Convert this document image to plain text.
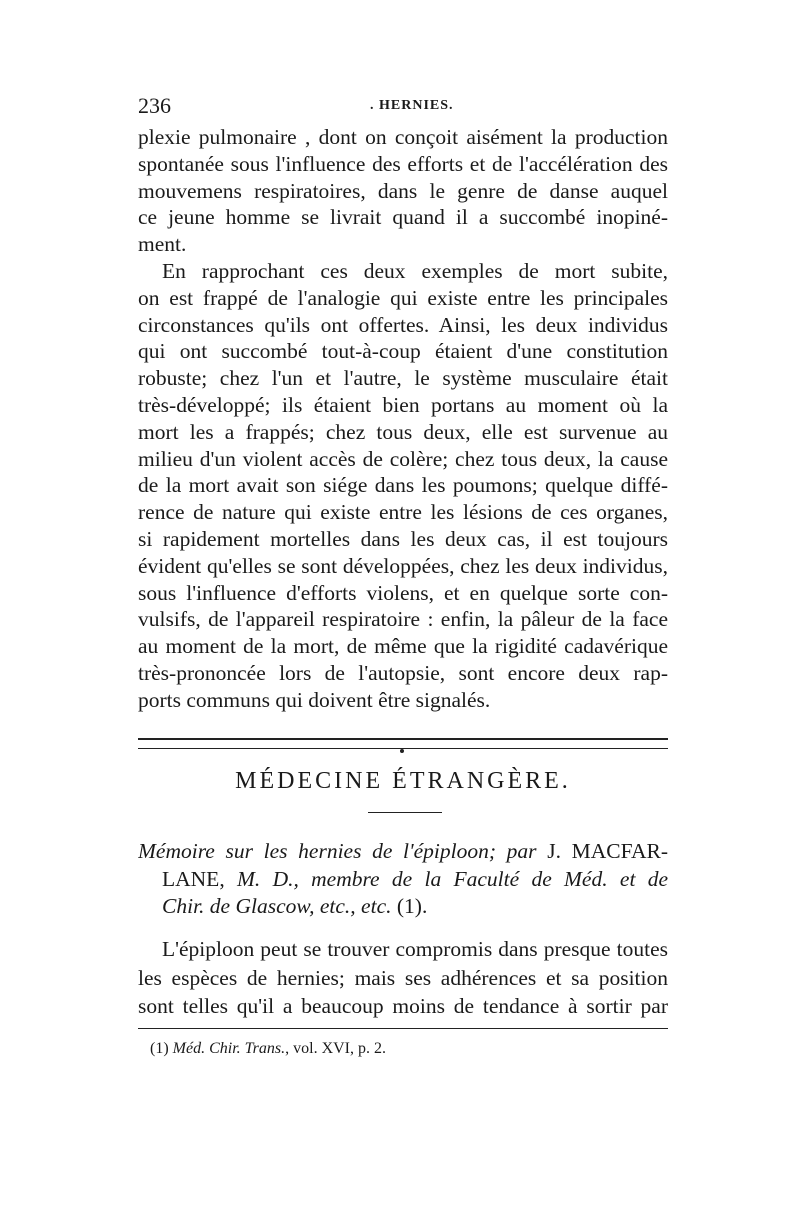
236	. HERNIES.
plexie pulmonaire , dont on conçoit aisément la production
spontanée sous l'influence des efforts et de l'accélération des
mouvemens respiratoires, dans le genre de danse auquel
ce jeune homme se livrait quand il a succombé inopiné-
ment.
En rapprochant ces deux exemples de mort subite,
on est frappé de l'analogie qui existe entre les principales
circonstances qu'ils ont offertes. Ainsi, les deux individus
qui ont succombé tout-à-coup étaient d'une constitution
robuste; chez l'un et l'autre, le système musculaire était
très-développé; ils étaient bien portans au moment où la
mort les a frappés; chez tous deux, elle est survenue au
milieu d'un violent accès de colère; chez tous deux, la cause
de la mort avait son siége dans les poumons; quelque diffé-
rence de nature qui existe entre les lésions de ces organes,
si rapidement mortelles dans les deux cas, il est toujours
évident qu'elles se sont développées, chez les deux individus,
sous l'influence d'efforts violens, et en quelque sorte con-
vulsifs, de l'appareil respiratoire : enfin, la pâleur de la face
au moment de la mort, de même que la rigidité cadavérique
très-prononcée lors de l'autopsie, sont encore deux rap-
ports communs qui doivent être signalés.
MÉDECINE ÉTRANGÈRE.
Mémoire sur les hernies de l'épiploon; par J. MACFAR-
LANE, M. D., membre de la Faculté de Méd. et de
Chir. de Glascow, etc., etc. (1).
L'épiploon peut se trouver compromis dans presque toutes
les espèces de hernies; mais ses adhérences et sa position
sont telles qu'il a beaucoup moins de tendance à sortir par
(1) Méd. Chir. Trans., vol. XVI, p. 2.
